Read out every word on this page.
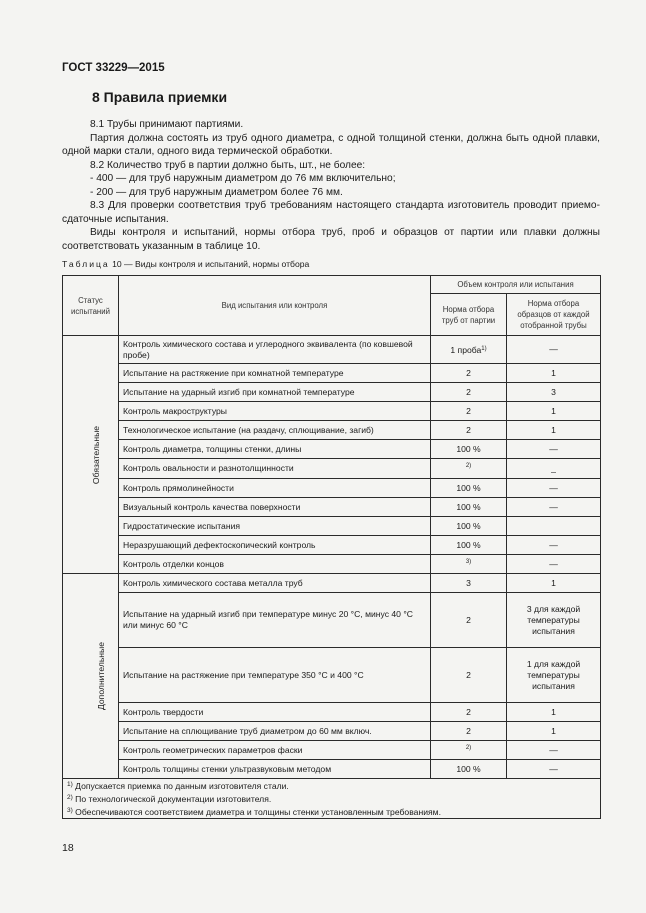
ГОСТ 33229—2015
8 Правила приемки

8.1 Трубы принимают партиями.

Партия должна состоять из труб одного диаметра, с одной толщиной стенки, должна быть одной плавки, одной марки стали, одного вида термической обработки.

8.2 Количество труб в партии должно быть, шт., не более:

- 400 — для труб наружным диаметром до 76 мм включительно;

- 200 — для труб наружным диаметром более 76 мм.

8.3 Для проверки соответствия труб требованиям настоящего стандарта изготовитель проводит приемо-сдаточные испытания.

Виды контроля и испытаний, нормы отбора труб, проб и образцов от партии или плавки должны соответствовать указанным в таблице 10.

Таблица 10 — Виды контроля и испытаний, нормы отбора
Статус испытаний	Вид испытания или контроля	Объем контроля или испытания	
		Норма отбора труб от партии	Норма отбора образцов от каждой отобранной трубы
Обязательные	Контроль химического состава и углеродного эквивалента (по ковшевой пробе)	1 проба$^{1)}$	—
	Испытание на растяжение при комнатной температуре	2	1
	Испытание на ударный изгиб при комнатной температуре	2	3
	Контроль макроструктуры	2	1
	Технологическое испытание (на раздачу, сплющивание, загиб)	2	1
	Контроль диаметра, толщины стенки, длины	100 %	—
	Контроль овальности и разнотолщинности	$^{2)}$	_
	Контроль прямолинейности	100 %	—
	Визуальный контроль качества поверхности	100 %	—
	Гидростатические испытания	100 %	
	Неразрушающий дефектоскопический контроль	100 %	—
	Контроль отделки концов	$^{3)}$	—
Дополнительные	Контроль химического состава металла труб	3	1
	Испытание на ударный изгиб при температуре минус 20 °С, минус 40 °С или минус 60 °С	2	3 для каждой температуры испытания
	Испытание на растяжение при температуре 350 °С и 400 °С	2	1 для каждой температуры испытания
	Контроль твердости	2	1
	Испытание на сплющивание труб диаметром до 60 мм включ.	2	1
	Контроль геометрических параметров фаски	$^{2)}$	—
	Контроль толщины стенки ультразвуковым методом	100 %	—

$^{1)}$ Допускается приемка по данным изготовителя стали.
$^{2)}$ По технологической документации изготовителя.
$^{3)}$ Обеспечиваются соответствием диаметра и толщины стенки установленным требованиям.			
18
